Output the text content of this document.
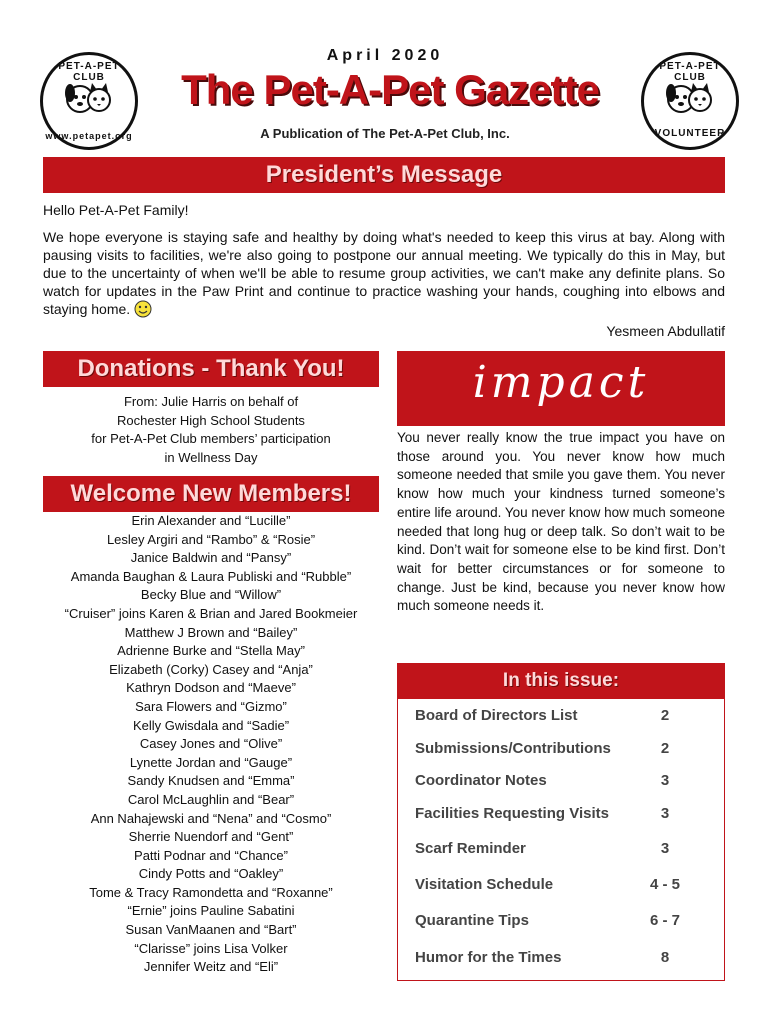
PET-A-PET CLUB
www.petapet.org
PET-A-PET CLUB
VOLUNTEER
April 2020
The Pet-A-Pet Gazette
A Publication of The Pet-A-Pet Club, Inc.
President’s Message
Hello Pet-A-Pet Family!
We hope everyone is staying safe and healthy by doing what's needed to keep this virus at bay. Along with pausing visits to facilities, we're also going to postpone our annual meeting. We typically do this in May, but due to the uncertainty of when we'll be able to resume group activities, we can't make any definite plans. So watch for updates in the Paw Print and continue to practice washing your hands, coughing into elbows and staying home.
Yesmeen Abdullatif
Donations - Thank You!
From: Julie Harris on behalf of
Rochester High School Students
for Pet-A-Pet Club members’ participation
in Wellness Day
Welcome New Members!
Erin Alexander and “Lucille”
Lesley Argiri and “Rambo” & “Rosie”
Janice Baldwin and “Pansy”
Amanda Baughan & Laura Publiski and “Rubble”
Becky Blue and “Willow”
“Cruiser” joins Karen & Brian and Jared Bookmeier
Matthew J Brown and “Bailey”
Adrienne Burke and “Stella May”
Elizabeth (Corky) Casey and “Anja”
Kathryn Dodson and “Maeve”
Sara Flowers and “Gizmo”
Kelly Gwisdala and “Sadie”
Casey Jones and “Olive”
Lynette Jordan and “Gauge”
Sandy Knudsen and “Emma”
Carol McLaughlin and “Bear”
Ann Nahajewski and “Nena” and “Cosmo”
Sherrie Nuendorf and “Gent”
Patti Podnar and “Chance”
Cindy Potts and “Oakley”
Tome & Tracy Ramondetta and “Roxanne”
“Ernie” joins Pauline Sabatini
Susan VanMaanen and “Bart”
“Clarisse” joins Lisa Volker
Jennifer Weitz and “Eli”
impact
You never really know the true impact you have on those around you. You never know how much someone needed that smile you gave them. You never know how much your kindness turned someone’s entire life around. You never know how much someone needed that long hug or deep talk. So don’t wait to be kind. Don’t wait for someone else to be kind first. Don’t wait for better circumstances or for someone to change. Just be kind, because you never know how much someone needs it.
In this issue:
Board of Directors List	2
Submissions/Contributions	2
Coordinator Notes	3
Facilities Requesting Visits	3
Scarf Reminder	3
Visitation Schedule	4 - 5
Quarantine Tips	6 - 7
Humor for the Times	8
